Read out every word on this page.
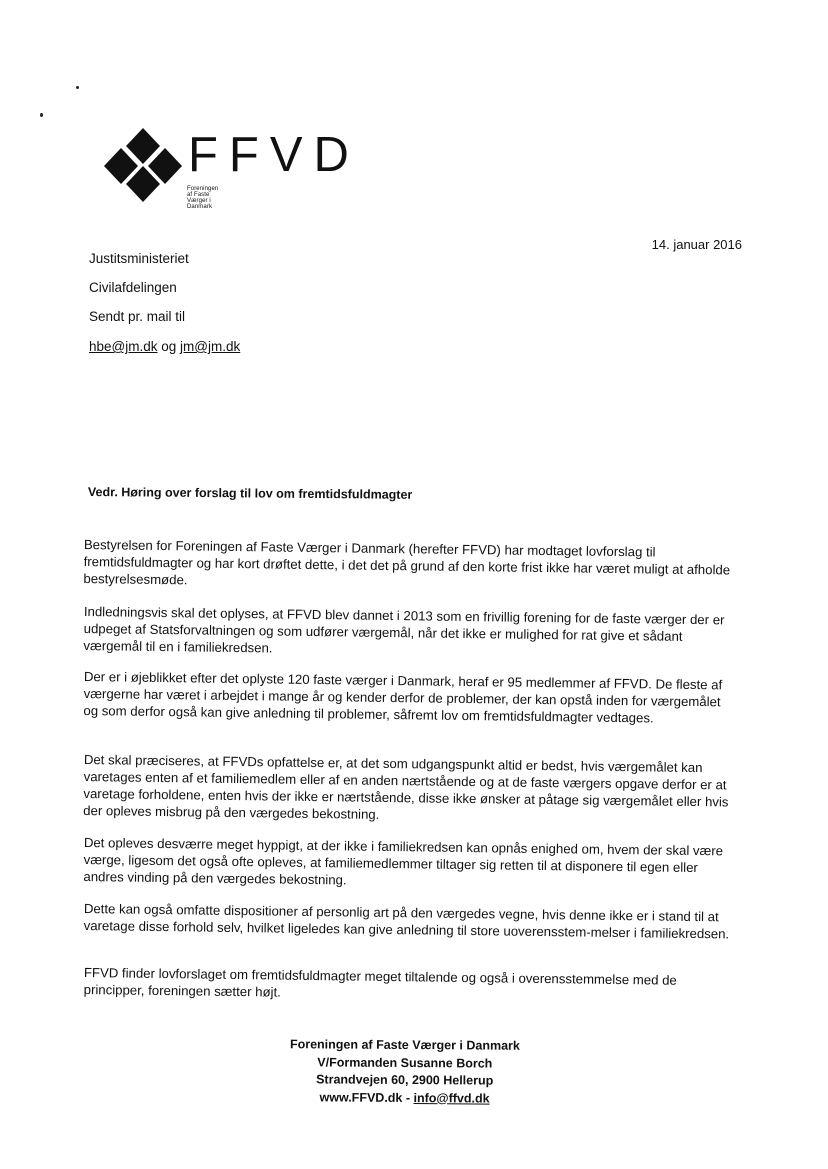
FFVD
Foreningen af Faste Værger i Danmark
14. januar 2016
Justitsministeriet
Civilafdelingen
Sendt pr. mail til
hbe@jm.dk og jm@jm.dk
Vedr. Høring over forslag til lov om fremtidsfuldmagter
Bestyrelsen for Foreningen af Faste Værger i Danmark (herefter FFVD) har modtaget lovforslag til fremtidsfuldmagter og har kort drøftet dette, i det det på grund af den korte frist ikke har været muligt at afholde bestyrelsesmøde.
Indledningsvis skal det oplyses, at FFVD blev dannet i 2013 som en frivillig forening for de faste værger der er udpeget af Statsforvaltningen og som udfører værgemål, når det ikke er mulighed for rat give et sådant værgemål til en i familiekredsen.
Der er i øjeblikket efter det oplyste 120 faste værger i Danmark, heraf er 95 medlemmer af FFVD. De fleste af værgerne har været i arbejdet i mange år og kender derfor de problemer, der kan opstå inden for værgemålet og som derfor også kan give anledning til problemer, såfremt lov om fremtidsfuldmagter vedtages.
Det skal præciseres, at FFVDs opfattelse er, at det som udgangspunkt altid er bedst, hvis værgemålet kan varetages enten af et familiemedlem eller af en anden nærtstående og at de faste værgers opgave derfor er at varetage forholdene, enten hvis der ikke er nærtstående, disse ikke ønsker at påtage sig værgemålet eller hvis der opleves misbrug på den værgedes bekostning.
Det opleves desværre meget hyppigt, at der ikke i familiekredsen kan opnås enighed om, hvem der skal være værge, ligesom det også ofte opleves, at familiemedlemmer tiltager sig retten til at disponere til egen eller andres vinding på den værgedes bekostning.
Dette kan også omfatte dispositioner af personlig art på den værgedes vegne, hvis denne ikke er i stand til at varetage disse forhold selv, hvilket ligeledes kan give anledning til store uoverensstem-melser i familiekredsen.
FFVD finder lovforslaget om fremtidsfuldmagter meget tiltalende og også i overensstemmelse med de principper, foreningen sætter højt.
Foreningen af Faste Værger i Danmark
V/Formanden Susanne Borch
Strandvejen 60, 2900 Hellerup
www.FFVD.dk - info@ffvd.dk
